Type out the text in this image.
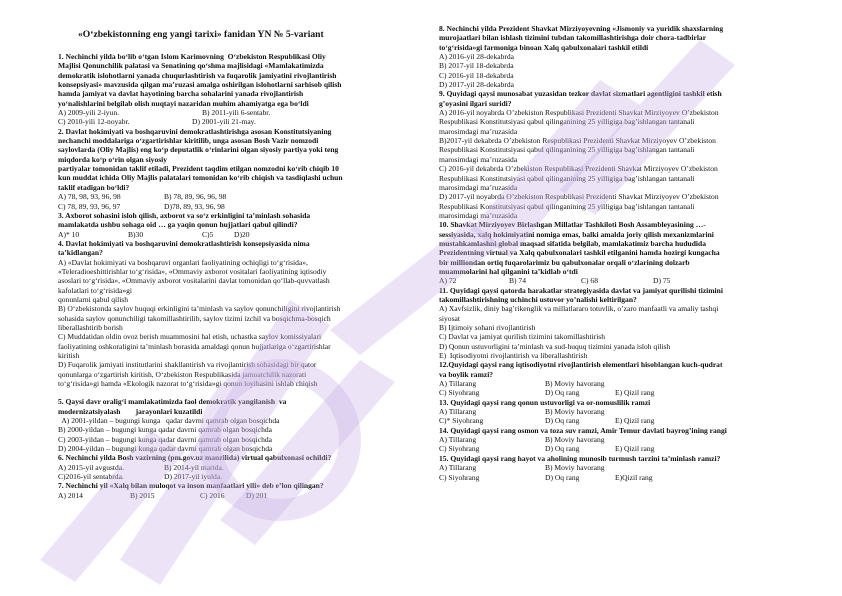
«O‘zbekistonning eng yangi tarixi» fanidan YN № 5-variant
1. Nechinchi yilda bo‘lib o‘tgan Islom Karimovning  O‘zbekiston Respublikasi Oliy
Majlisi Qonunchilik palatasi va Senatining qo‘shma majlisidagi «Mamlakatimizda
demokratik islohotlarni yanada chuqurlashtirish va fuqarolik jamiyatini rivojlantirish
konsepsiyasi» mavzusida qilgan ma’ruzasi amalga oshirilgan islohotlarni sarhisob qilish
hamda jamiyat va davlat hayotining barcha sohalarini yanada rivojlantirish
yo‘nalishlarini belgilab olish nuqtayi nazaridan muhim ahamiyatga ega bo‘ldi
A) 2009-yili 2-iyun.	B) 2011-yili 6-sentabr.
C) 2010-yili 12-noyabr.	D) 2001-yili 21-may.
2. Davlat hokimiyati va boshqaruvini demokratlashtirishga asosan Konstitutsiyaning
nechanchi moddalariga o‘zgartirishlar kiritilib, unga asosan Bosh Vazir nomzodi
saylovlarda (Oliy Majlis) eng ko‘p deputatlik o‘rinlarini olgan siyosiy partiya yoki teng
miqdorda ko‘p o‘rin olgan siyosiy
partiyalar tomonidan taklif etiladi, Prezident taqdim etilgan nomzodni ko‘rib chiqib 10
kun muddat ichida Oliy Majlis palatalari tomonidan ko‘rib chiqish va tasdiqlashi uchun
taklif etadigan bo‘ldi?
A) 78, 98, 93, 96, 98	B) 78, 89, 96, 96, 98
C) 78, 89, 93, 96, 97	D)78, 89, 93, 96, 98
3. Axborot sohasini isloh qilish, axborot va so‘z erkinligini ta’minlash sohasida
mamlakatda ushbu sohaga oid … ga yaqin qonun hujjatlari qabul qilindi?
A)* 10	B)30	C)5	D)20
4. Davlat hokimiyati va boshqaruvini demokratlashtirish konsepsiyasida nima
ta’kidlangan?
A) «Davlat hokimiyati va boshqaruvi organlari faoliyatining ochiqligi to‘g‘risida»,
«Teleradioeshittirishlar to‘g‘risida», «Ommaviy axborot vositalari faoliyatining iqtisodiy
asoslari to‘g‘risida», «Ommaviy axborot vositalarini davlat tomonidan qo‘llab-quvvatlash
kafolatlari to‘g‘risida»gi
qonunlarni qabul qilish
B) O‘zbekistonda saylov huquqi erkinligini ta’minlash va saylov qonunchiligini rivojlantirish
sohasida saylov qonunchiligi takomillashtirilib, saylov tizimi izchil va bosqichma-bosqich
liberallashtirib borish
C) Muddatidan oldin ovoz berish muammosini hal etish, uchastka saylov komissiyalari
faoliyatining oshkoraligini ta’minlash borasida amaldagi qonun hujjatlariga o‘zgartirishlar
kiritish
D) Fuqarolik jamiyati institutlarini shakllantirish va rivojlantirish sohasidagi bir qator
qonunlarga o‘zgartirish kiritish, O‘zbekiston Respublikasida jamoatchilik nazorati
to‘g‘risida»gi hamda «Ekologik nazorat to‘g‘risida»gi qonun loyihasini ishlab chiqish
5. Qaysi davr oraligʻi mamlakatimizda faol demokratik yangilanish  va
modernizatsiyalash        jarayonlari kuzatildi
A) 2001-yildan – bugungi kunga   qadar davrni qamrab olgan bosqichda
B) 2000-yildan – bugungi kunga qadar davrni qamrab olgan bosqichda
C) 2003-yildan – bugungi kunga qadar davrni qamrab olgan bosqichda
D) 2004-yildan – bugungi kunga qadar davrni qamrab olgan bosqichda
6. Nechinchi yilda Bosh vazirning (pm.gov.uz manzilida) virtual qabulxonasi ochildi?
A) 2015-yil avgustda.	B) 2014-yil martda.
C)2016-yil sentabrda.	D) 2017-yil iyulda.
7. Nechinchi yil «Xalq bilan muloqot va inson manfaatlari yili» deb e’lon qilingan?
A) 2014	B) 2015	C) 2016	D) 201
8. Nechinchi yilda Prezident Shavkat Mirziyoyevning «Jismoniy va yuridik shaxslarning
murojaatlari bilan ishlash tizimini tubdan takomillashtirishga doir chora-tadbirlar
to‘g‘risida»gi farmoniga binoan Xalq qabulxonalari tashkil etildi
A) 2016-yil 28-dekabrda
B) 2017-yil 18-dekabrda
C) 2016-yil 18-dekabrda
D) 2017-yil 28-dekabrda
9. Quyidagi qaysi munosabat yuzasidan tezkor davlat sizmatlari agentligini tashkil etish
g’oyasini ilgari suridi?
A) 2016-yil noyabrda O’zbekiston Respublikasi Prezidenti Shavkat Mirziyoyev O’zbekiston
Respublikasi Konstitutsiyasi qabul qilinganining 25 yilligiga bag’ishlangan tantanali
marosimdagi ma’ruzasida
B)2017-yil dekabrda O’zbekiston Respublikasi Prezidenti Shavkat Mirziyoyev O’zbekiston
Respublikasi Konstitutsiyasi qabul qilinganining 25 yilligiga bag’ishlangan tantanali
marosimdagi ma’ruzasida
C) 2016-yil dekabrda O’zbekiston Respublikasi Prezidenti Shavkat Mirziyoyev O’zbekiston
Respublikasi Konstitutsiyasi qabul qilinganining 25 yilligiga bag’ishlangan tantanali
marosimdagi ma’ruzasida
D) 2017-yil noyabrda O’zbekiston Respublikasi Prezidenti Shavkat Mirziyoyev O’zbekiston
Respublikasi Konstitutsiyasi qabul qilinganining 25 yilligiga bag’ishlangan tantanali
marosimdagi ma’ruzasida
10. Shavkat Mirziyoyev Birlashgan Millatlar Tashkiloti Bosh Assambleyasining …-
sessiyasida, xalq hokimiyatini nomiga emas, balki amalda joriy qilish mexanizmlarini
mustahkamlashni global maqsad sifatida belgilab, mamlakatimiz barcha hududida
Prezidentning virtual va Xalq qabulxonalari tashkil etilganini hamda hozirgi kungacha
bir milliondan ortiq fuqarolarimiz bu qabulxonalar orqali o‘zlarining dolzarb
muammolarini hal qilganini ta’kidlab o‘tdi
A) 72	B) 74	C) 68	D) 75
11. Quyidagi qaysi qatorda harakatlar strategiyasida davlat va jamiyat qurilishi tizimini
takomillashtirishning uchinchi ustuvor yo’nalishi keltirilgan?
A) Xavfsizlik, diniy bag’rikenglik va millatlararo totuvlik, o’zaro manfaatli va amaliy tashqi
siyosat
B) Ijtimoiy sohani rivojlantirish
C) Davlat va jamiyat qurilish tizimini takomillashtirish
D) Qonun ustuvorligini ta’minlash va sud-huquq tizimini yanada isloh qilish
E)  Iqtisodiyotni rivojlantirish va liberallashtirish
12.Quyidagi qaysi rang iqtisodiyotni rivojlantirish elementlari hisoblangan kuch-qudrat
va boylik ramzi?
A) Tillarang	B) Moviy havorang
C) Siyohrang	D) Oq rang	E) Qizil rang
13. Quyidagi qaysi rang qonun ustuvorligi va or-nomuslilik ramzi
A) Tillarang	B) Moviy havorang
C)* Siyohrang	D) Oq rang	E) Qizil rang
14. Quyidagi qaysi rang osmon va toza suv ramzi, Amir Temur davlati bayrog’ining rangi
A) Tillarang	B) Moviy havorang
C) Siyohrang	D) Oq rang	E) Qizil rang
15. Quyidagi qaysi rang hayot va aholining munosib turmush tarzini ta’minlash ramzi?
A) Tillarang	B) Moviy havorang
C) Siyohrang	D) Oq rang	E)Qizil rang
